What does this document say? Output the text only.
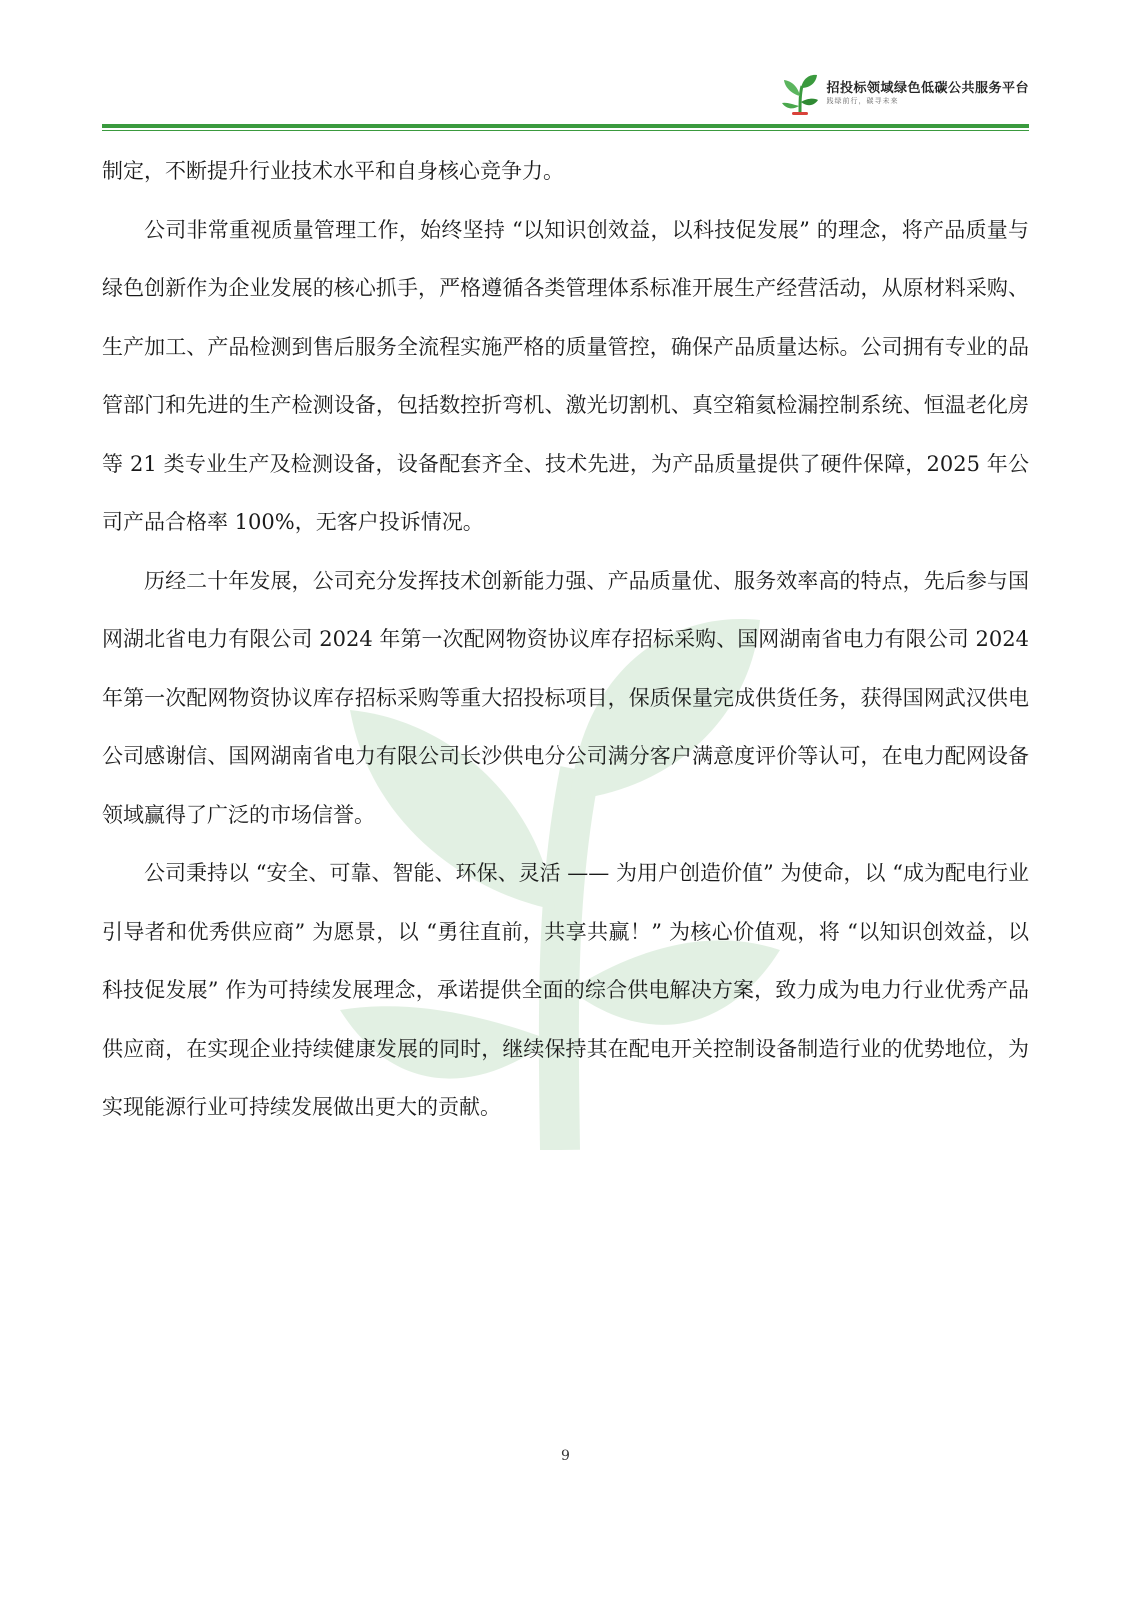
招投标领域绿色低碳公共服务平台
践绿前行，碳寻未来

制定，不断提升行业技术水平和自身核心竞争力。

公司非常重视质量管理工作，始终坚持 “以知识创效益，以科技促发展” 的理念，将产品质量与绿色创新作为企业发展的核心抓手，严格遵循各类管理体系标准开展生产经营活动，从原材料采购、生产加工、产品检测到售后服务全流程实施严格的质量管控，确保产品质量达标。公司拥有专业的品管部门和先进的生产检测设备，包括数控折弯机、激光切割机、真空箱氦检漏控制系统、恒温老化房等 21 类专业生产及检测设备，设备配套齐全、技术先进，为产品质量提供了硬件保障，2025 年公司产品合格率 100%，无客户投诉情况。

历经二十年发展，公司充分发挥技术创新能力强、产品质量优、服务效率高的特点，先后参与国网湖北省电力有限公司 2024 年第一次配网物资协议库存招标采购、国网湖南省电力有限公司 2024 年第一次配网物资协议库存招标采购等重大招投标项目，保质保量完成供货任务，获得国网武汉供电公司感谢信、国网湖南省电力有限公司长沙供电分公司满分客户满意度评价等认可，在电力配网设备领域赢得了广泛的市场信誉。

公司秉持以 “安全、可靠、智能、环保、灵活 —— 为用户创造价值” 为使命，以 “成为配电行业引导者和优秀供应商” 为愿景，以 “勇往直前，共享共赢！” 为核心价值观，将 “以知识创效益，以科技促发展” 作为可持续发展理念，承诺提供全面的综合供电解决方案，致力成为电力行业优秀产品供应商，在实现企业持续健康发展的同时，继续保持其在配电开关控制设备制造行业的优势地位，为实现能源行业可持续发展做出更大的贡献。

9
